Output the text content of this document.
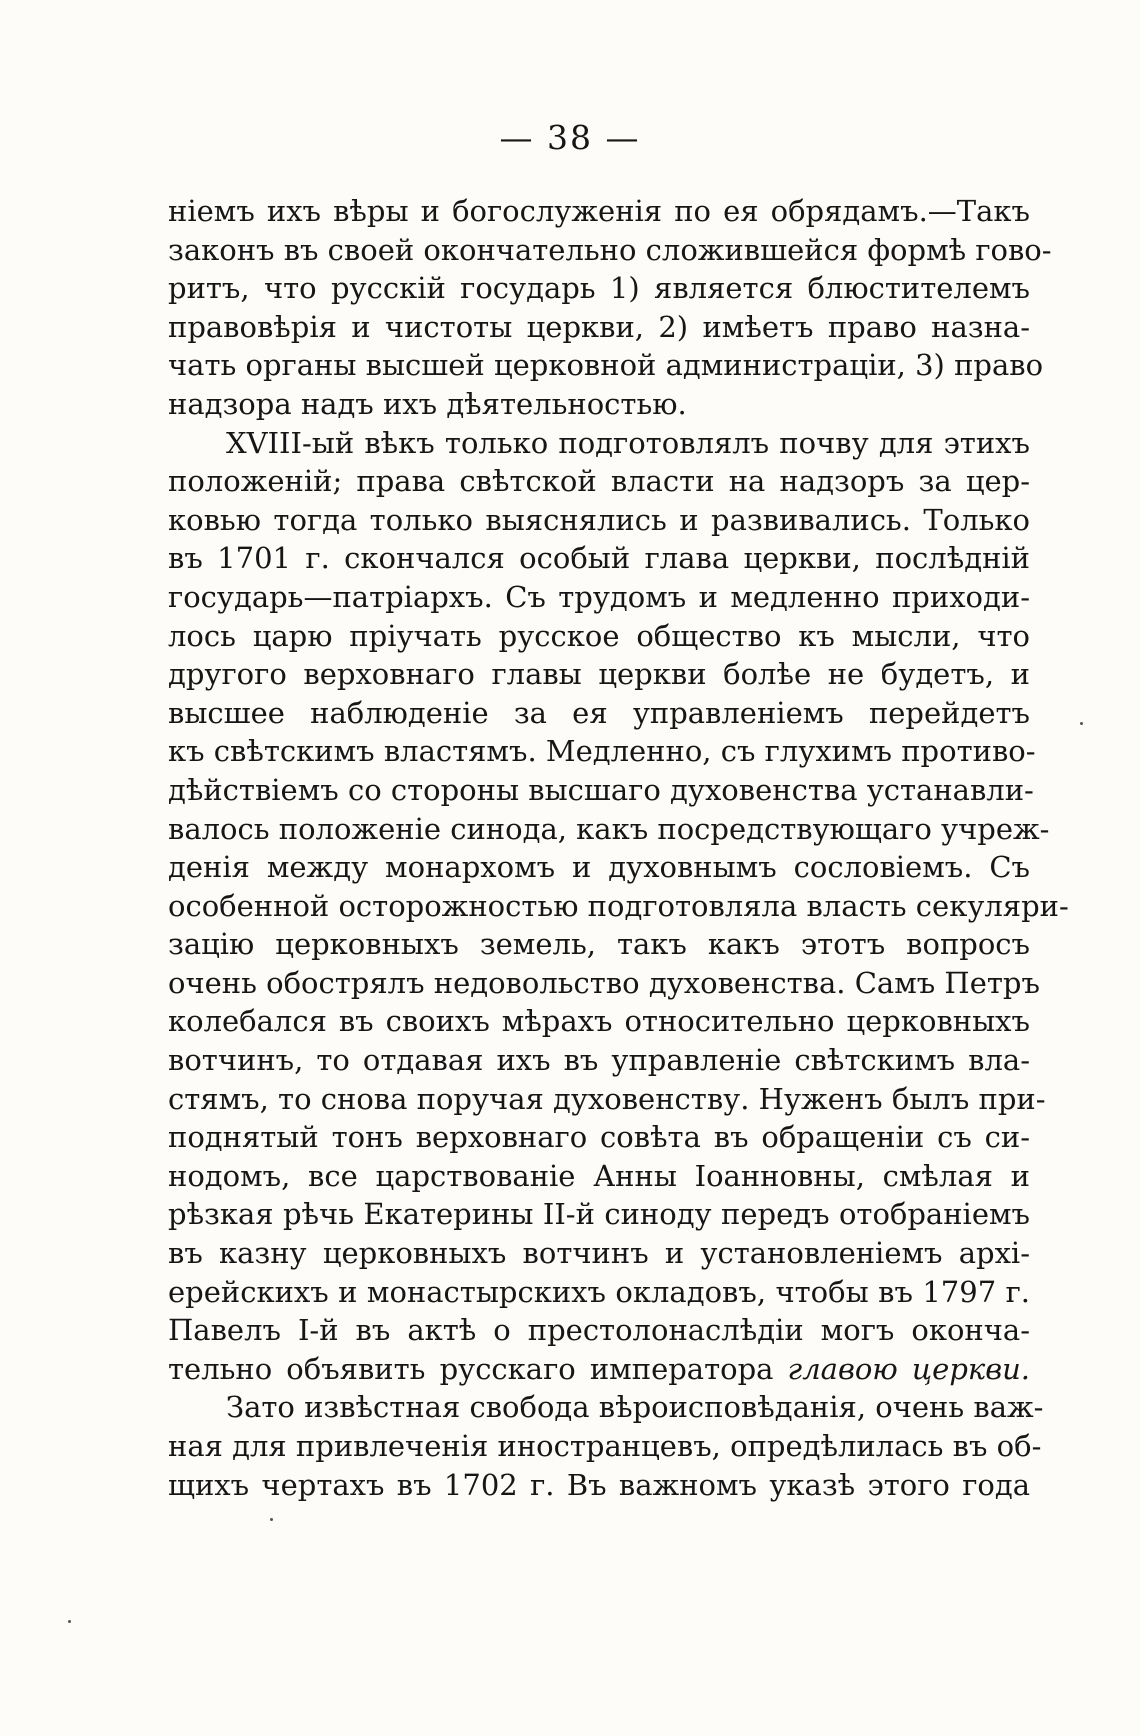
— 38 —
ніемъ ихъ вѣры и богослуженія по ея обрядамъ.—Такъ
законъ въ своей окончательно сложившейся формѣ гово-
ритъ, что русскій государь 1) является блюстителемъ
правовѣрія и чистоты церкви, 2) имѣетъ право назна-
чать органы высшей церковной администраціи, 3) право
надзора надъ ихъ дѣятельностью.
XVIII-ый вѣкъ только подготовлялъ почву для этихъ
положеній; права свѣтской власти на надзоръ за цер-
ковью тогда только выяснялись и развивались. Только
въ 1701 г. скончался особый глава церкви, послѣдній
государь—патріархъ. Съ трудомъ и медленно приходи-
лось царю пріучать русское общество къ мысли, что
другого верховнаго главы церкви болѣе не будетъ, и
высшее наблюденіе за ея управленіемъ перейдетъ
къ свѣтскимъ властямъ. Медленно, съ глухимъ противо-
дѣйствіемъ со стороны высшаго духовенства устанавли-
валось положеніе синода, какъ посредствующаго учреж-
денія между монархомъ и духовнымъ сословіемъ. Съ
особенной осторожностью подготовляла власть секуляри-
зацію церковныхъ земель, такъ какъ этотъ вопросъ
очень обострялъ недовольство духовенства. Самъ Петръ
колебался въ своихъ мѣрахъ относительно церковныхъ
вотчинъ, то отдавая ихъ въ управленіе свѣтскимъ вла-
стямъ, то снова поручая духовенству. Нуженъ былъ при-
поднятый тонъ верховнаго совѣта въ обращеніи съ си-
нодомъ, все царствованіе Анны Іоанновны, смѣлая и
рѣзкая рѣчь Екатерины II-й синоду передъ отобраніемъ
въ казну церковныхъ вотчинъ и установленіемъ архі-
ерейскихъ и монастырскихъ окладовъ, чтобы въ 1797 г.
Павелъ I-й въ актѣ о престолонаслѣдіи могъ оконча-
тельно объявить русскаго императора главою церкви.
Зато извѣстная свобода вѣроисповѣданія, очень важ-
ная для привлеченія иностранцевъ, опредѣлилась въ об-
щихъ чертахъ въ 1702 г. Въ важномъ указѣ этого года
